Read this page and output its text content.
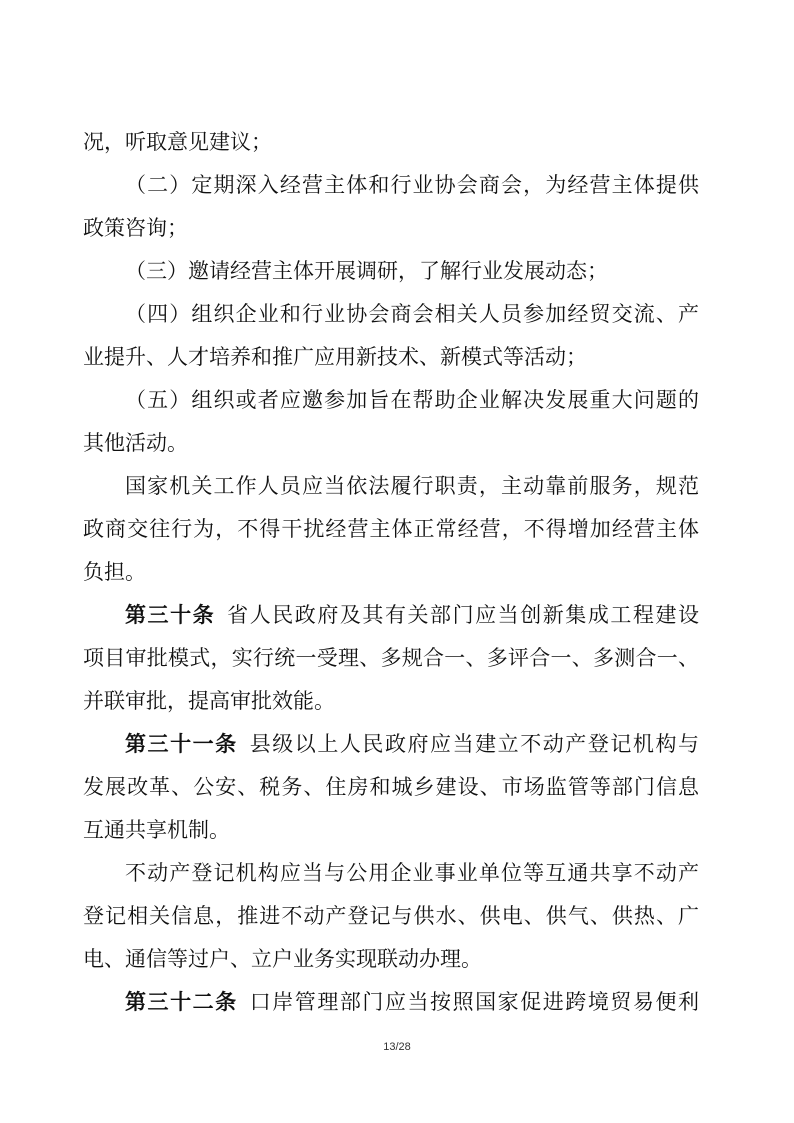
况，听取意见建议；
（二）定期深入经营主体和行业协会商会，为经营主体提供
政策咨询；
（三）邀请经营主体开展调研，了解行业发展动态；
（四）组织企业和行业协会商会相关人员参加经贸交流、产
业提升、人才培养和推广应用新技术、新模式等活动；
（五）组织或者应邀参加旨在帮助企业解决发展重大问题的
其他活动。
国家机关工作人员应当依法履行职责，主动靠前服务，规范
政商交往行为，不得干扰经营主体正常经营，不得增加经营主体
负担。
第三十条 省人民政府及其有关部门应当创新集成工程建设
项目审批模式，实行统一受理、多规合一、多评合一、多测合一、
并联审批，提高审批效能。
第三十一条 县级以上人民政府应当建立不动产登记机构与
发展改革、公安、税务、住房和城乡建设、市场监管等部门信息
互通共享机制。
不动产登记机构应当与公用企业事业单位等互通共享不动产
登记相关信息，推进不动产登记与供水、供电、供气、供热、广
电、通信等过户、立户业务实现联动办理。
第三十二条 口岸管理部门应当按照国家促进跨境贸易便利
13/28
